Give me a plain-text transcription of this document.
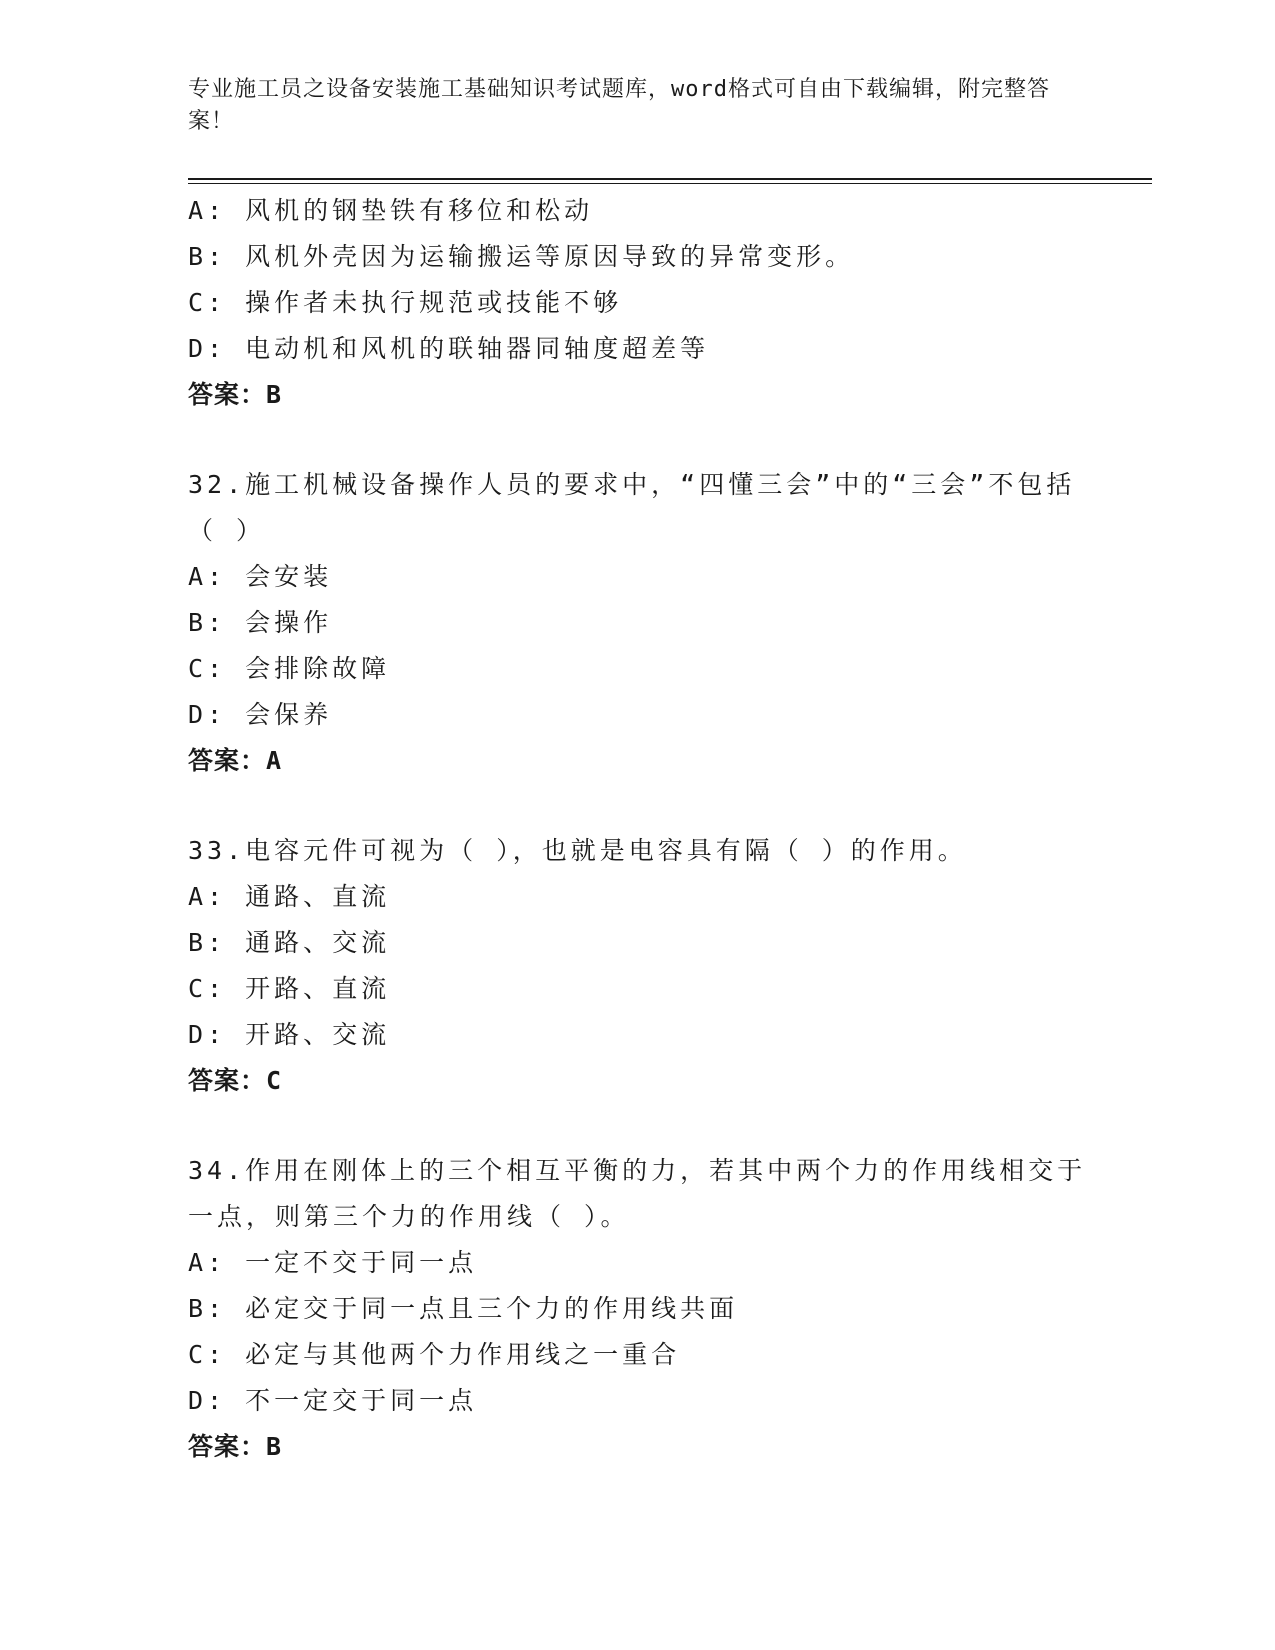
专业施工员之设备安装施工基础知识考试题库，word格式可自由下载编辑，附完整答案！
A: 风机的钢垫铁有移位和松动
B: 风机外壳因为运输搬运等原因导致的异常变形。
C: 操作者未执行规范或技能不够
D: 电动机和风机的联轴器同轴度超差等
答案：B
32.施工机械设备操作人员的要求中，“四懂三会”中的“三会”不包括（ ）
A: 会安装
B: 会操作
C: 会排除故障
D: 会保养
答案：A
33.电容元件可视为（ ），也就是电容具有隔（ ）的作用。
A: 通路、直流
B: 通路、交流
C: 开路、直流
D: 开路、交流
答案：C
34.作用在刚体上的三个相互平衡的力，若其中两个力的作用线相交于一点，则第三个力的作用线（ ）。
A: 一定不交于同一点
B: 必定交于同一点且三个力的作用线共面
C: 必定与其他两个力作用线之一重合
D: 不一定交于同一点
答案：B
